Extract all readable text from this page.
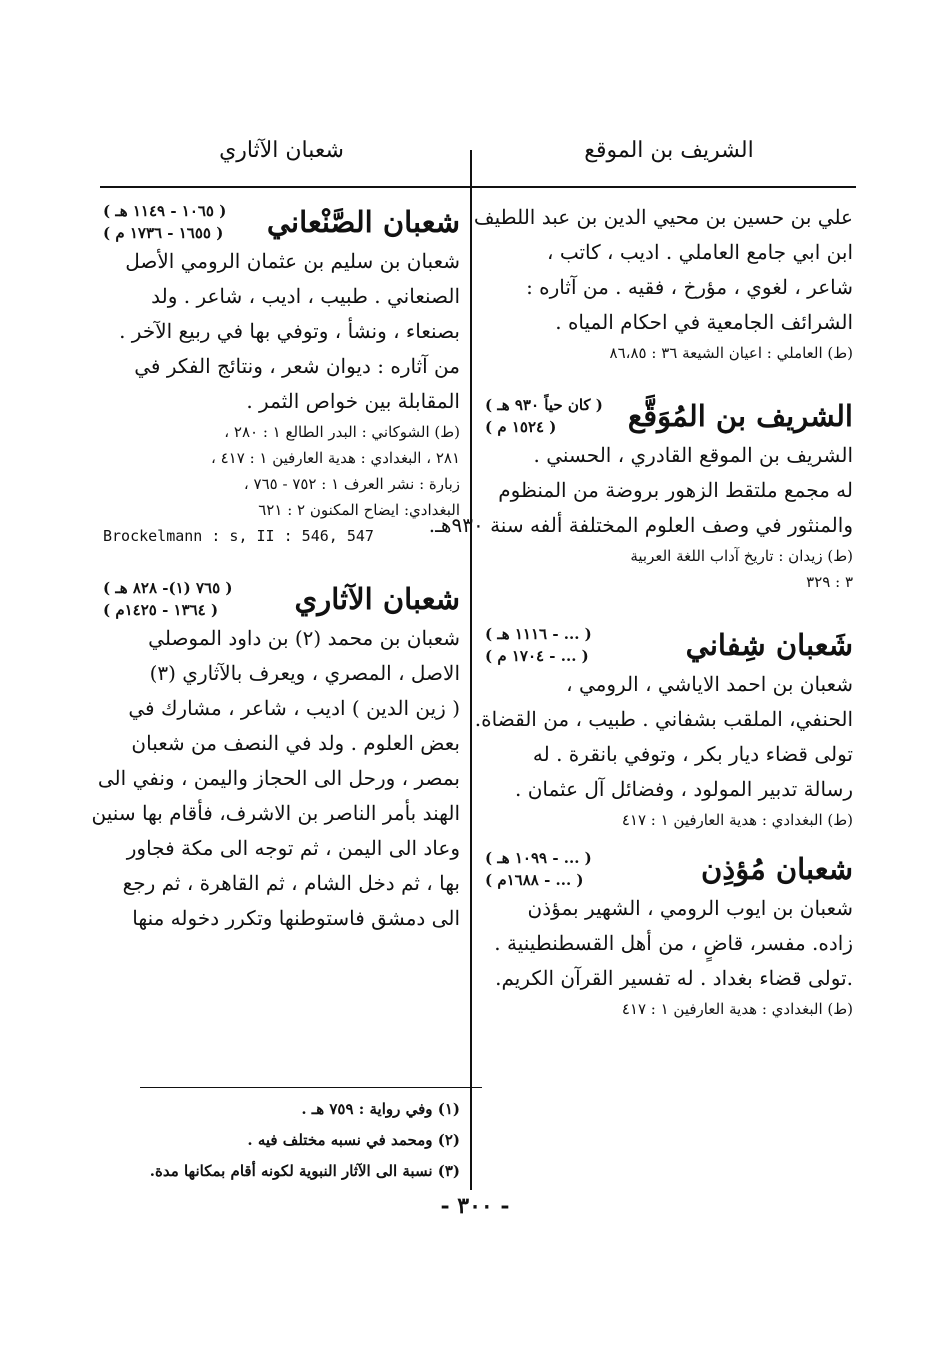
الشريف بن الموقع
شعبان الآثاري
علي بن حسين بن محيي الدين بن عبد اللطيف
ابن ابي جامع العاملي . اديب ، كاتب ،
شاعر ، لغوي ، مؤرخ ، فقيه . من آثاره :
الشرائف الجامعية في احكام المياه .
(ط) العاملي : اعيان الشيعة ٣٦ : ٨٦،٨٥
الشريف بن المُوَقَّع
( كان حياً ٩٣٠ هـ )
( ١٥٢٤ م )
الشريف بن الموقع القادري ، الحسني .
له مجمع ملتقط الزهور بروضة من المنظوم
والمنثور في وصف العلوم المختلفة ألفه سنة ٩٣٠هـ.
(ط) زيدان : تاريخ آداب اللغة العربية
٣ : ٣٢٩
شَعبان شِفاني
( ... - ١١١٦ هـ )
( ... - ١٧٠٤ م )
شعبان بن احمد الاياشي ، الرومي ،
الحنفي، الملقب بشفاني . طبيب ، من القضاة.
تولى قضاء ديار بكر ، وتوفي بانقرة . له
رسالة تدبير المولود ، وفضائل آل عثمان .
(ط) البغدادي : هدية العارفين ١ : ٤١٧
شعبان مُؤذِن
( ... - ١٠٩٩ هـ )
( ... - ١٦٨٨م )
شعبان بن ايوب الرومي ، الشهير بمؤذن
زاده. مفسر، قاضٍ ، من أهل القسطنطينية .
.تولى قضاء بغداد . له تفسير القرآن الكريم.
(ط) البغدادي : هدية العارفين ١ : ٤١٧
شعبان الصَّنْعاني
( ١٠٦٥ - ١١٤٩ هـ )
( ١٦٥٥ - ١٧٣٦ م )
شعبان بن سليم بن عثمان الرومي الأصل
الصنعاني . طبيب ، اديب ، شاعر . ولد
بصنعاء ، ونشأ ، وتوفي بها في ربيع الآخر .
من آثاره : ديوان شعر ، ونتائج الفكر في
المقابلة بين خواص الثمر .
(ط) الشوكاني : البدر الطالع ١ : ٢٨٠ ،
٢٨١ ، البغدادي : هدية العارفين ١ : ٤١٧ ،
زبارة : نشر العرف ١ : ٧٥٢ - ٧٦٥ ،
البغدادي: ايضاح المكنون ٢ : ٦٢١
Brockelmann : s, II : 546, 547
شعبان الآثاري
( ٧٦٥ (١)- ٨٢٨ هـ )
( ١٣٦٤ - ١٤٢٥م )
شعبان بن محمد (٢) بن داود الموصلي
الاصل ، المصري ، ويعرف بالآثاري (٣)
( زين الدين ) اديب ، شاعر ، مشارك في
بعض العلوم . ولد في النصف من شعبان
بمصر ، ورحل الى الحجاز واليمن ، ونفي الى
الهند بأمر الناصر بن الاشرف، فأقام بها سنين
وعاد الى اليمن ، ثم توجه الى مكة فجاور
بها ، ثم دخل الشام ، ثم القاهرة ، ثم رجع
الى دمشق فاستوطنها وتكرر دخوله منها
(١) وفي رواية : ٧٥٩ هـ .
(٢) ومحمد في نسبه مختلف فيه .
(٣) نسبة الى الآثار النبوية لكونه أقام بمكانها مدة.
- ٣٠٠ -
